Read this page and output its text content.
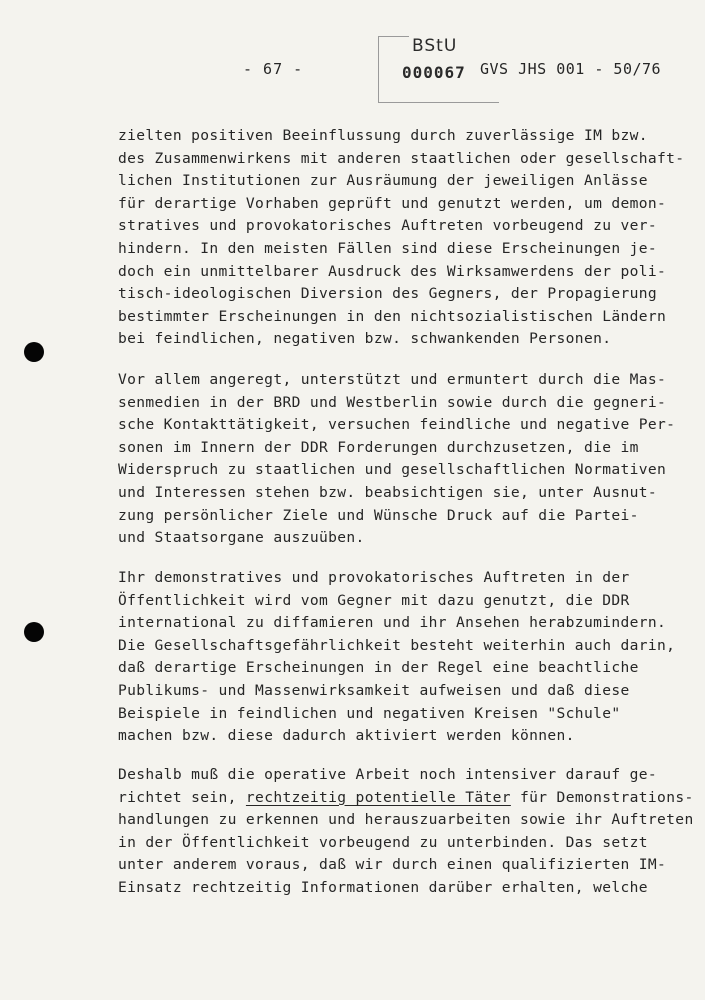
- 67 -
BStU
000067 GVS JHS 001 - 50/76
zielten positiven Beeinflussung durch zuverlässige IM bzw.
des Zusammenwirkens mit anderen staatlichen oder gesellschaft-
lichen Institutionen zur Ausräumung der jeweiligen Anlässe
für derartige Vorhaben geprüft und genutzt werden, um demon-
stratives und provokatorisches Auftreten vorbeugend zu ver-
hindern. In den meisten Fällen sind diese Erscheinungen je-
doch ein unmittelbarer Ausdruck des Wirksamwerdens der poli-
tisch-ideologischen Diversion des Gegners, der Propagierung
bestimmter Erscheinungen in den nichtsozialistischen Ländern
bei feindlichen, negativen bzw. schwankenden Personen.
Vor allem angeregt, unterstützt und ermuntert durch die Mas-
senmedien in der BRD und Westberlin sowie durch die gegneri-
sche Kontakttätigkeit, versuchen feindliche und negative Per-
sonen im Innern der DDR Forderungen durchzusetzen, die im
Widerspruch zu staatlichen und gesellschaftlichen Normativen
und Interessen stehen bzw. beabsichtigen sie, unter Ausnut-
zung persönlicher Ziele und Wünsche Druck auf die Partei-
und Staatsorgane auszuüben.
Ihr demonstratives und provokatorisches Auftreten in der
Öffentlichkeit wird vom Gegner mit dazu genutzt, die DDR
international zu diffamieren und ihr Ansehen herabzumindern.
Die Gesellschaftsgefährlichkeit besteht weiterhin auch darin,
daß derartige Erscheinungen in der Regel eine beachtliche
Publikums- und Massenwirksamkeit aufweisen und daß diese
Beispiele in feindlichen und negativen Kreisen "Schule"
machen bzw. diese dadurch aktiviert werden können.
Deshalb muß die operative Arbeit noch intensiver darauf ge-
richtet sein, rechtzeitig potentielle Täter für Demonstrations-
handlungen zu erkennen und herauszuarbeiten sowie ihr Auftreten
in der Öffentlichkeit vorbeugend zu unterbinden. Das setzt
unter anderem voraus, daß wir durch einen qualifizierten IM-
Einsatz rechtzeitig Informationen darüber erhalten, welche
